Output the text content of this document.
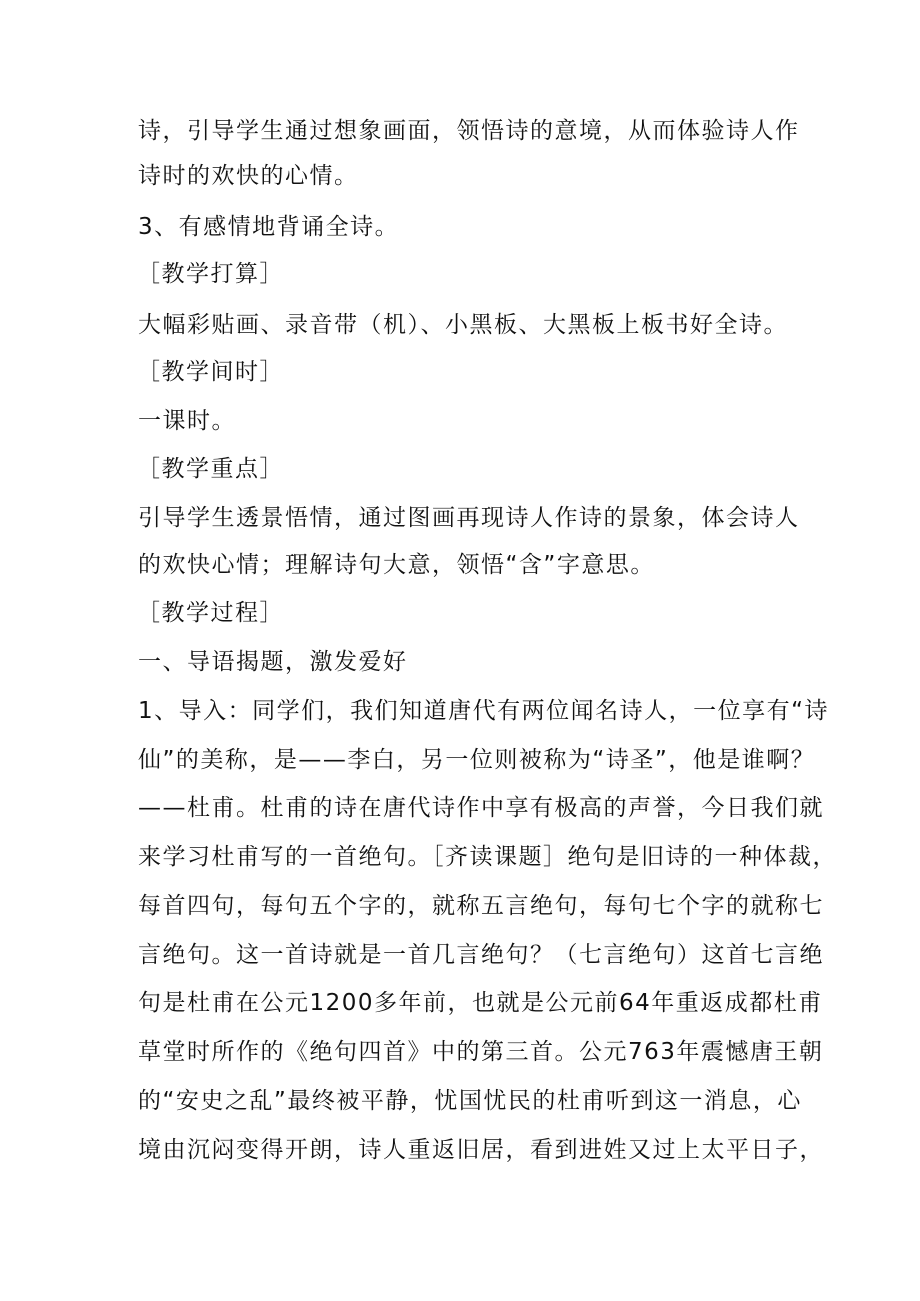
诗，引导学生通过想象画面，领悟诗的意境，从而体验诗人作
诗时的欢快的心情。
3、有感情地背诵全诗。
［教学打算］
大幅彩贴画、录音带（机）、小黑板、大黑板上板书好全诗。
［教学间时］
一课时。
［教学重点］
引导学生透景悟情，通过图画再现诗人作诗的景象，体会诗人
的欢快心情；理解诗句大意，领悟“含”字意思。
［教学过程］
一、导语揭题，激发爱好
1、导入：同学们，我们知道唐代有两位闻名诗人，一位享有“诗
仙”的美称，是——李白，另一位则被称为“诗圣”，他是谁啊？
——杜甫。杜甫的诗在唐代诗作中享有极高的声誉，今日我们就
来学习杜甫写的一首绝句。［齐读课题］绝句是旧诗的一种体裁，
每首四句，每句五个字的，就称五言绝句，每句七个字的就称七
言绝句。这一首诗就是一首几言绝句？（七言绝句）这首七言绝
句是杜甫在公元1200多年前，也就是公元前64年重返成都杜甫
草堂时所作的《绝句四首》中的第三首。公元763年震憾唐王朝
的“安史之乱”最终被平静，忧国忧民的杜甫听到这一消息，心
境由沉闷变得开朗，诗人重返旧居，看到进姓又过上太平日子，
